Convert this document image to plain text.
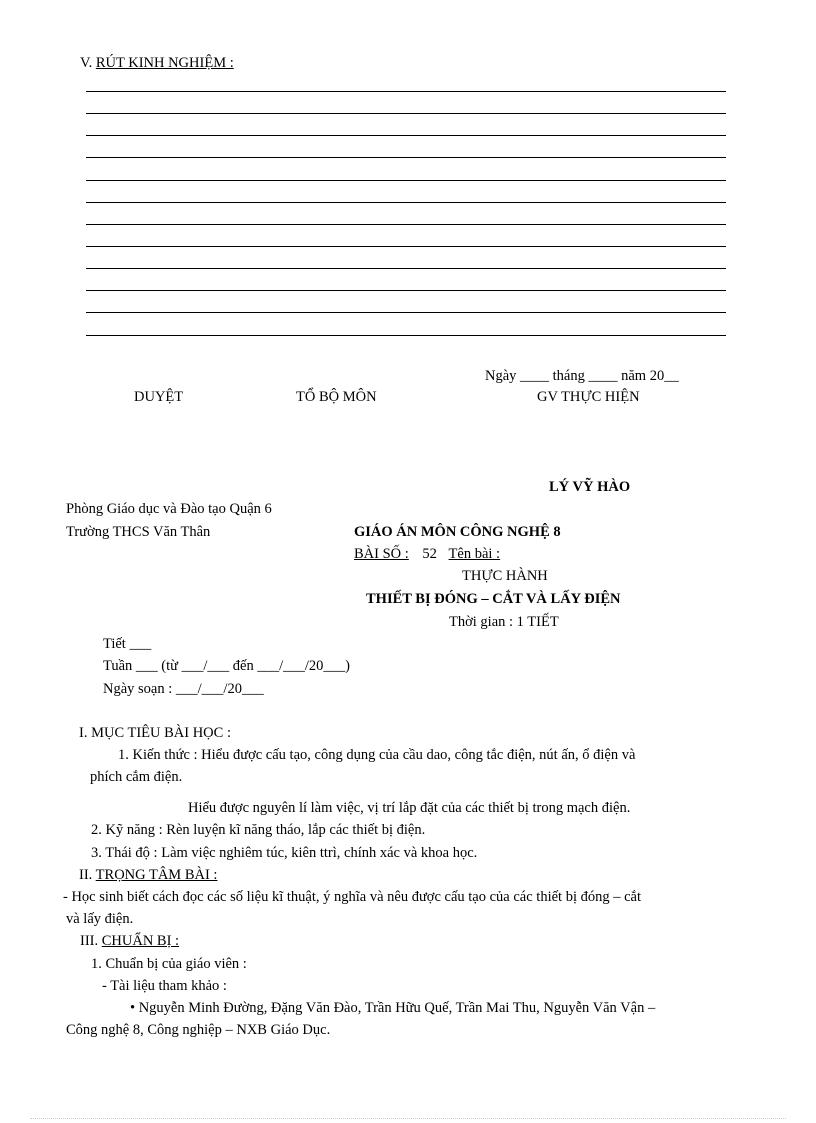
V. RÚT KINH NGHIỆM :
Ngày ____ tháng ____ năm 20__
DUYỆT	TỔ BỘ MÔN	GV THỰC HIỆN
LÝ VỸ HÀO
Phòng Giáo dục và Đào tạo Quận 6
Trường THCS Văn Thân	GIÁO ÁN MÔN CÔNG NGHỆ 8
BÀI SỐ : 52 Tên bài :
THỰC HÀNH
THIẾT BỊ ĐÓNG – CẮT VÀ LẤY ĐIỆN
Thời gian : 1 TIẾT
Tiết ___
Tuần ___ (từ ___/___ đến ___/___/20___)
Ngày soạn : ___/___/20___
I. MỤC TIÊU BÀI HỌC :
1. Kiến thức : Hiểu được cấu tạo, công dụng của cầu dao, công tắc điện, nút ấn, ổ điện và
phích cắm điện.
Hiểu được nguyên lí làm việc, vị trí lắp đặt của các thiết bị trong mạch điện.
2. Kỹ năng : Rèn luyện kĩ năng tháo, lắp các thiết bị điện.
3. Thái độ : Làm việc nghiêm túc, kiên ttrì, chính xác và khoa học.
II. TRỌNG TÂM BÀI :
- Học sinh biết cách đọc các số liệu kĩ thuật, ý nghĩa và nêu được cấu tạo của các thiết bị đóng – cắt
và lấy điện.
III. CHUẨN BỊ :
1. Chuẩn bị của giáo viên :
- Tài liệu tham khảo :
• Nguyễn Minh Đường, Đặng Văn Đào, Trần Hữu Quế, Trần Mai Thu, Nguyễn Văn Vận –
Công nghệ 8, Công nghiệp – NXB Giáo Dục.
